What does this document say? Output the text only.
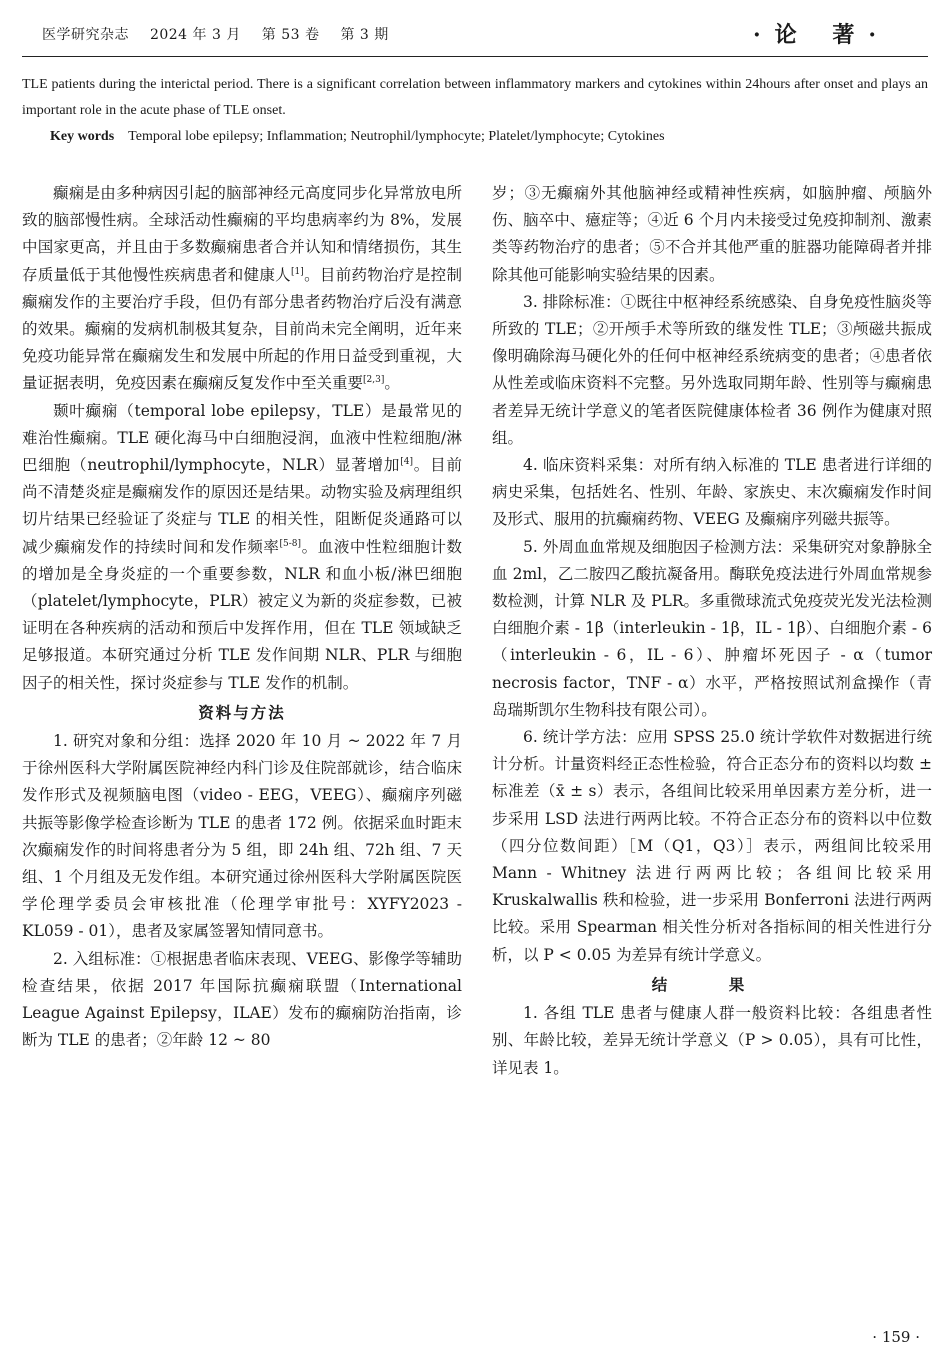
医学研究杂志 2024 年 3 月 第 53 卷 第 3 期	·论 著·
TLE patients during the interictal period. There is a significant correlation between inflammatory markers and cytokines within 24hours after onset and plays an important role in the acute phase of TLE onset.
Key words Temporal lobe epilepsy; Inflammation; Neutrophil/lymphocyte; Platelet/lymphocyte; Cytokines

癫痫是由多种病因引起的脑部神经元高度同步化异常放电所致的脑部慢性病。全球活动性癫痫的平均患病率约为 8%，发展中国家更高，并且由于多数癫痫患者合并认知和情绪损伤，其生存质量低于其他慢性疾病患者和健康人[1]。目前药物治疗是控制癫痫发作的主要治疗手段，但仍有部分患者药物治疗后没有满意的效果。癫痫的发病机制极其复杂，目前尚未完全阐明，近年来免疫功能异常在癫痫发生和发展中所起的作用日益受到重视，大量证据表明，免疫因素在癫痫反复发作中至关重要[2,3]。

颞叶癫痫（temporal lobe epilepsy，TLE）是最常见的难治性癫痫。TLE 硬化海马中白细胞浸润，血液中性粒细胞/淋巴细胞（neutrophil/lymphocyte，NLR）显著增加[4]。目前尚不清楚炎症是癫痫发作的原因还是结果。动物实验及病理组织切片结果已经验证了炎症与 TLE 的相关性，阻断促炎通路可以减少癫痫发作的持续时间和发作频率[5-8]。血液中性粒细胞计数的增加是全身炎症的一个重要参数，NLR 和血小板/淋巴细胞（platelet/lymphocyte，PLR）被定义为新的炎症参数，已被证明在各种疾病的活动和预后中发挥作用，但在 TLE 领域缺乏足够报道。本研究通过分析 TLE 发作间期 NLR、PLR 与细胞因子的相关性，探讨炎症参与 TLE 发作的机制。

资料与方法

1. 研究对象和分组：选择 2020 年 10 月 ~ 2022 年 7 月于徐州医科大学附属医院神经内科门诊及住院部就诊，结合临床发作形式及视频脑电图（video - EEG，VEEG）、癫痫序列磁共振等影像学检查诊断为 TLE 的患者 172 例。依据采血时距末次癫痫发作的时间将患者分为 5 组，即 24h 组、72h 组、7 天组、1 个月组及无发作组。本研究通过徐州医科大学附属医院医学伦理学委员会审核批准（伦理学审批号：XYFY2023 - KL059 - 01），患者及家属签署知情同意书。

2. 入组标准：①根据患者临床表现、VEEG、影像学等辅助检查结果，依据 2017 年国际抗癫痫联盟（International League Against Epilepsy，ILAE）发布的癫痫防治指南，诊断为 TLE 的患者；②年龄 12 ~ 80

岁；③无癫痫外其他脑神经或精神性疾病，如脑肿瘤、颅脑外伤、脑卒中、癔症等；④近 6 个月内未接受过免疫抑制剂、激素类等药物治疗的患者；⑤不合并其他严重的脏器功能障碍者并排除其他可能影响实验结果的因素。

3. 排除标准：①既往中枢神经系统感染、自身免疫性脑炎等所致的 TLE；②开颅手术等所致的继发性 TLE；③颅磁共振成像明确除海马硬化外的任何中枢神经系统病变的患者；④患者依从性差或临床资料不完整。另外选取同期年龄、性别等与癫痫患者差异无统计学意义的笔者医院健康体检者 36 例作为健康对照组。

4. 临床资料采集：对所有纳入标准的 TLE 患者进行详细的病史采集，包括姓名、性别、年龄、家族史、末次癫痫发作时间及形式、服用的抗癫痫药物、VEEG 及癫痫序列磁共振等。

5. 外周血血常规及细胞因子检测方法：采集研究对象静脉全血 2ml，乙二胺四乙酸抗凝备用。酶联免疫法进行外周血常规参数检测，计算 NLR 及 PLR。多重微球流式免疫荧光发光法检测白细胞介素 - 1β（interleukin - 1β，IL - 1β）、白细胞介素 - 6（interleukin - 6，IL - 6）、肿瘤坏死因子 - α（tumor necrosis factor，TNF - α）水平，严格按照试剂盒操作（青岛瑞斯凯尔生物科技有限公司）。

6. 统计学方法：应用 SPSS 25.0 统计学软件对数据进行统计分析。计量资料经正态性检验，符合正态分布的资料以均数 ± 标准差（x̄ ± s）表示，各组间比较采用单因素方差分析，进一步采用 LSD 法进行两两比较。不符合正态分布的资料以中位数（四分位数间距）［M（Q1，Q3）］表示，两组间比较采用 Mann - Whitney 法进行两两比较；各组间比较采用 Kruskalwallis 秩和检验，进一步采用 Bonferroni 法进行两两比较。采用 Spearman 相关性分析对各指标间的相关性进行分析，以 P < 0.05 为差异有统计学意义。

结 果

1. 各组 TLE 患者与健康人群一般资料比较：各组患者性别、年龄比较，差异无统计学意义（P > 0.05），具有可比性，详见表 1。

· 159 ·
